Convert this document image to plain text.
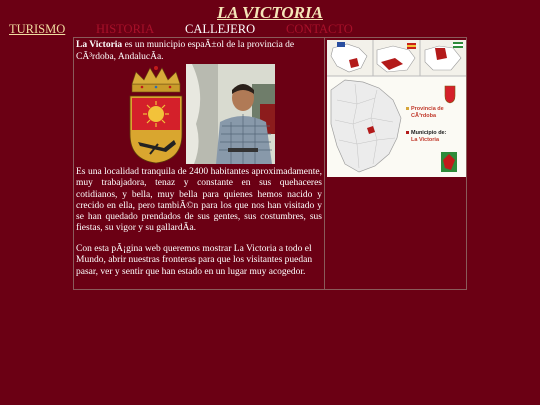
LA VICTORIA
TURISMO HISTORIA CALLEJERO CONTACTO
La Victoria es un municipio espaÃ±ol de la provincia de CÃ³rdoba, AndalucÃa.
Es una localidad tranquila de 2400 habitantes aproximadamente, muy trabajadora, tenaz y constante en sus quehaceres cotidianos, y bella, muy bella para quienes hemos nacido y crecido en ella, pero tambiÃ©n para los que nos han visitado y se han quedado prendados de sus gentes, sus costumbres, sus fiestas, su vigor y su gallardÃa.
Con esta pÃ¡gina web queremos mostrar La Victoria a todo el Mundo, abrir nuestras fronteras para que los visitantes puedan pasar, ver y sentir que han estado en un lugar muy acogedor.
Provincia de
CÃ³rdoba
Municipio de:
La Victoria
